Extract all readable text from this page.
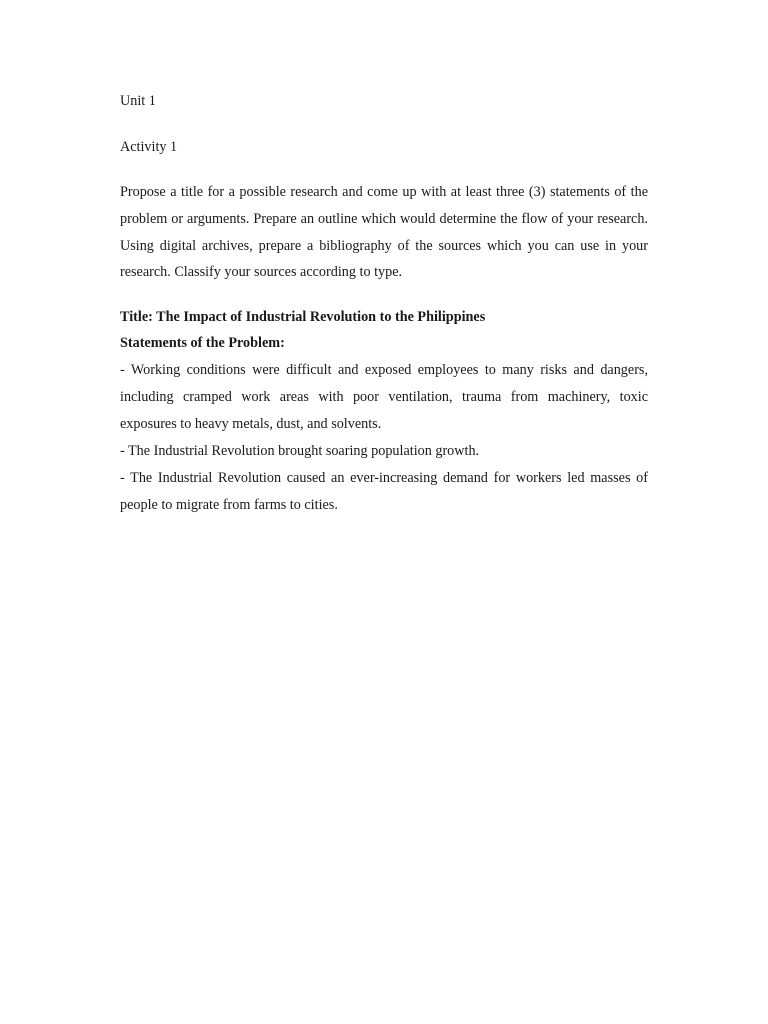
Unit 1

Activity 1

Propose a title for a possible research and come up with at least three (3) statements of the problem or arguments. Prepare an outline which would determine the flow of your research. Using digital archives, prepare a bibliography of the sources which you can use in your research. Classify your sources according to type.

Title: The Impact of Industrial Revolution to the Philippines

Statements of the Problem:

- Working conditions were difficult and exposed employees to many risks and dangers, including cramped work areas with poor ventilation, trauma from machinery, toxic exposures to heavy metals, dust, and solvents.
- The Industrial Revolution brought soaring population growth.
- The Industrial Revolution caused an ever-increasing demand for workers led masses of people to migrate from farms to cities.
